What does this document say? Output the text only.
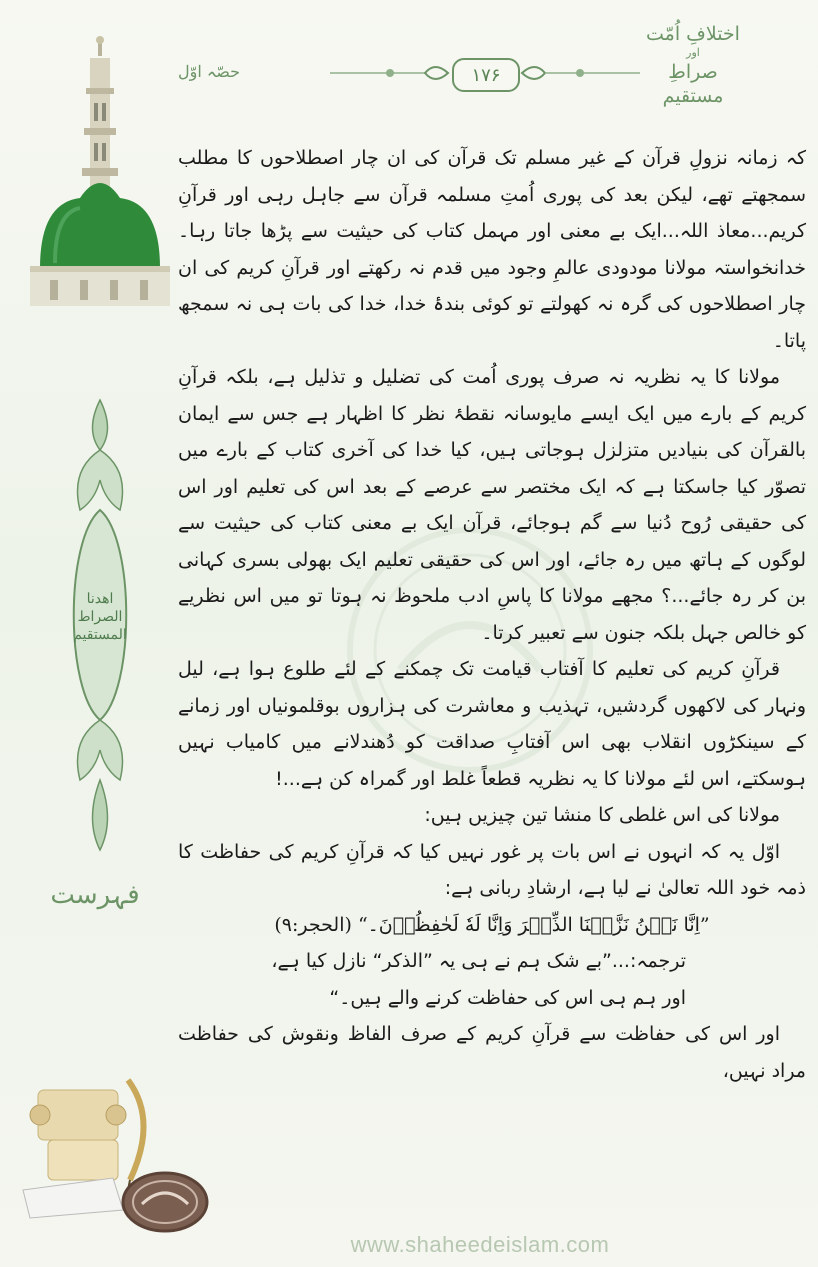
اختلافِ اُمّت
اور
صراطِ مستقیم
۱۷۶
حصّہ اوّل
اھدنا
الصراط
المستقیم
فہرست

کہ زمانہ نزولِ قرآن کے غیر مسلم تک قرآن کی ان چار اصطلاحوں کا مطلب سمجھتے تھے، لیکن بعد کی پوری اُمتِ مسلمہ قرآن سے جاہل رہی اور قرآنِ کریم...معاذ اللہ...ایک بے معنی اور مہمل کتاب کی حیثیت سے پڑھا جاتا رہا۔خدانخواستہ مولانا مودودی عالمِ وجود میں قدم نہ رکھتے اور قرآنِ کریم کی ان چار اصطلاحوں کی گرہ نہ کھولتے تو کوئی بندۂ خدا، خدا کی بات ہی نہ سمجھ پاتا۔

مولانا کا یہ نظریہ نہ صرف پوری اُمت کی تضلیل و تذلیل ہے، بلکہ قرآنِ کریم کے بارے میں ایک ایسے مایوسانہ نقطۂ نظر کا اظہار ہے جس سے ایمان بالقرآن کی بنیادیں متزلزل ہوجاتی ہیں، کیا خدا کی آخری کتاب کے بارے میں تصوّر کیا جاسکتا ہے کہ ایک مختصر سے عرصے کے بعد اس کی تعلیم اور اس کی حقیقی رُوح دُنیا سے گم ہوجائے، قرآن ایک بے معنی کتاب کی حیثیت سے لوگوں کے ہاتھ میں رہ جائے، اور اس کی حقیقی تعلیم ایک بھولی بسری کہانی بن کر رہ جائے...؟ مجھے مولانا کا پاسِ ادب ملحوظ نہ ہوتا تو میں اس نظریے کو خالص جہل بلکہ جنون سے تعبیر کرتا۔

قرآنِ کریم کی تعلیم کا آفتاب قیامت تک چمکنے کے لئے طلوع ہوا ہے، لیل ونہار کی لاکھوں گردشیں، تہذیب و معاشرت کی ہزاروں بوقلمونیاں اور زمانے کے سینکڑوں انقلاب بھی اس آفتابِ صداقت کو دُھندلانے میں کامیاب نہیں ہوسکتے، اس لئے مولانا کا یہ نظریہ قطعاً غلط اور گمراہ کن ہے...!

مولانا کی اس غلطی کا منشا تین چیزیں ہیں:

اوّل یہ کہ انہوں نے اس بات پر غور نہیں کیا کہ قرآنِ کریم کی حفاظت کا ذمہ خود اللہ تعالیٰ نے لیا ہے، ارشادِ ربانی ہے:

”اِنَّا نَحۡنُ نَزَّلۡنَا الذِّکۡرَ وَاِنَّا لَهٗ لَحٰفِظُوۡنَ۔“ (الحجر:۹)

ترجمہ:...”بے شک ہم نے ہی یہ ”الذکر“ نازل کیا ہے،

اور ہم ہی اس کی حفاظت کرنے والے ہیں۔“

اور اس کی حفاظت سے قرآنِ کریم کے صرف الفاظ ونقوش کی حفاظت مراد نہیں،

www.shaheedeislam.com
